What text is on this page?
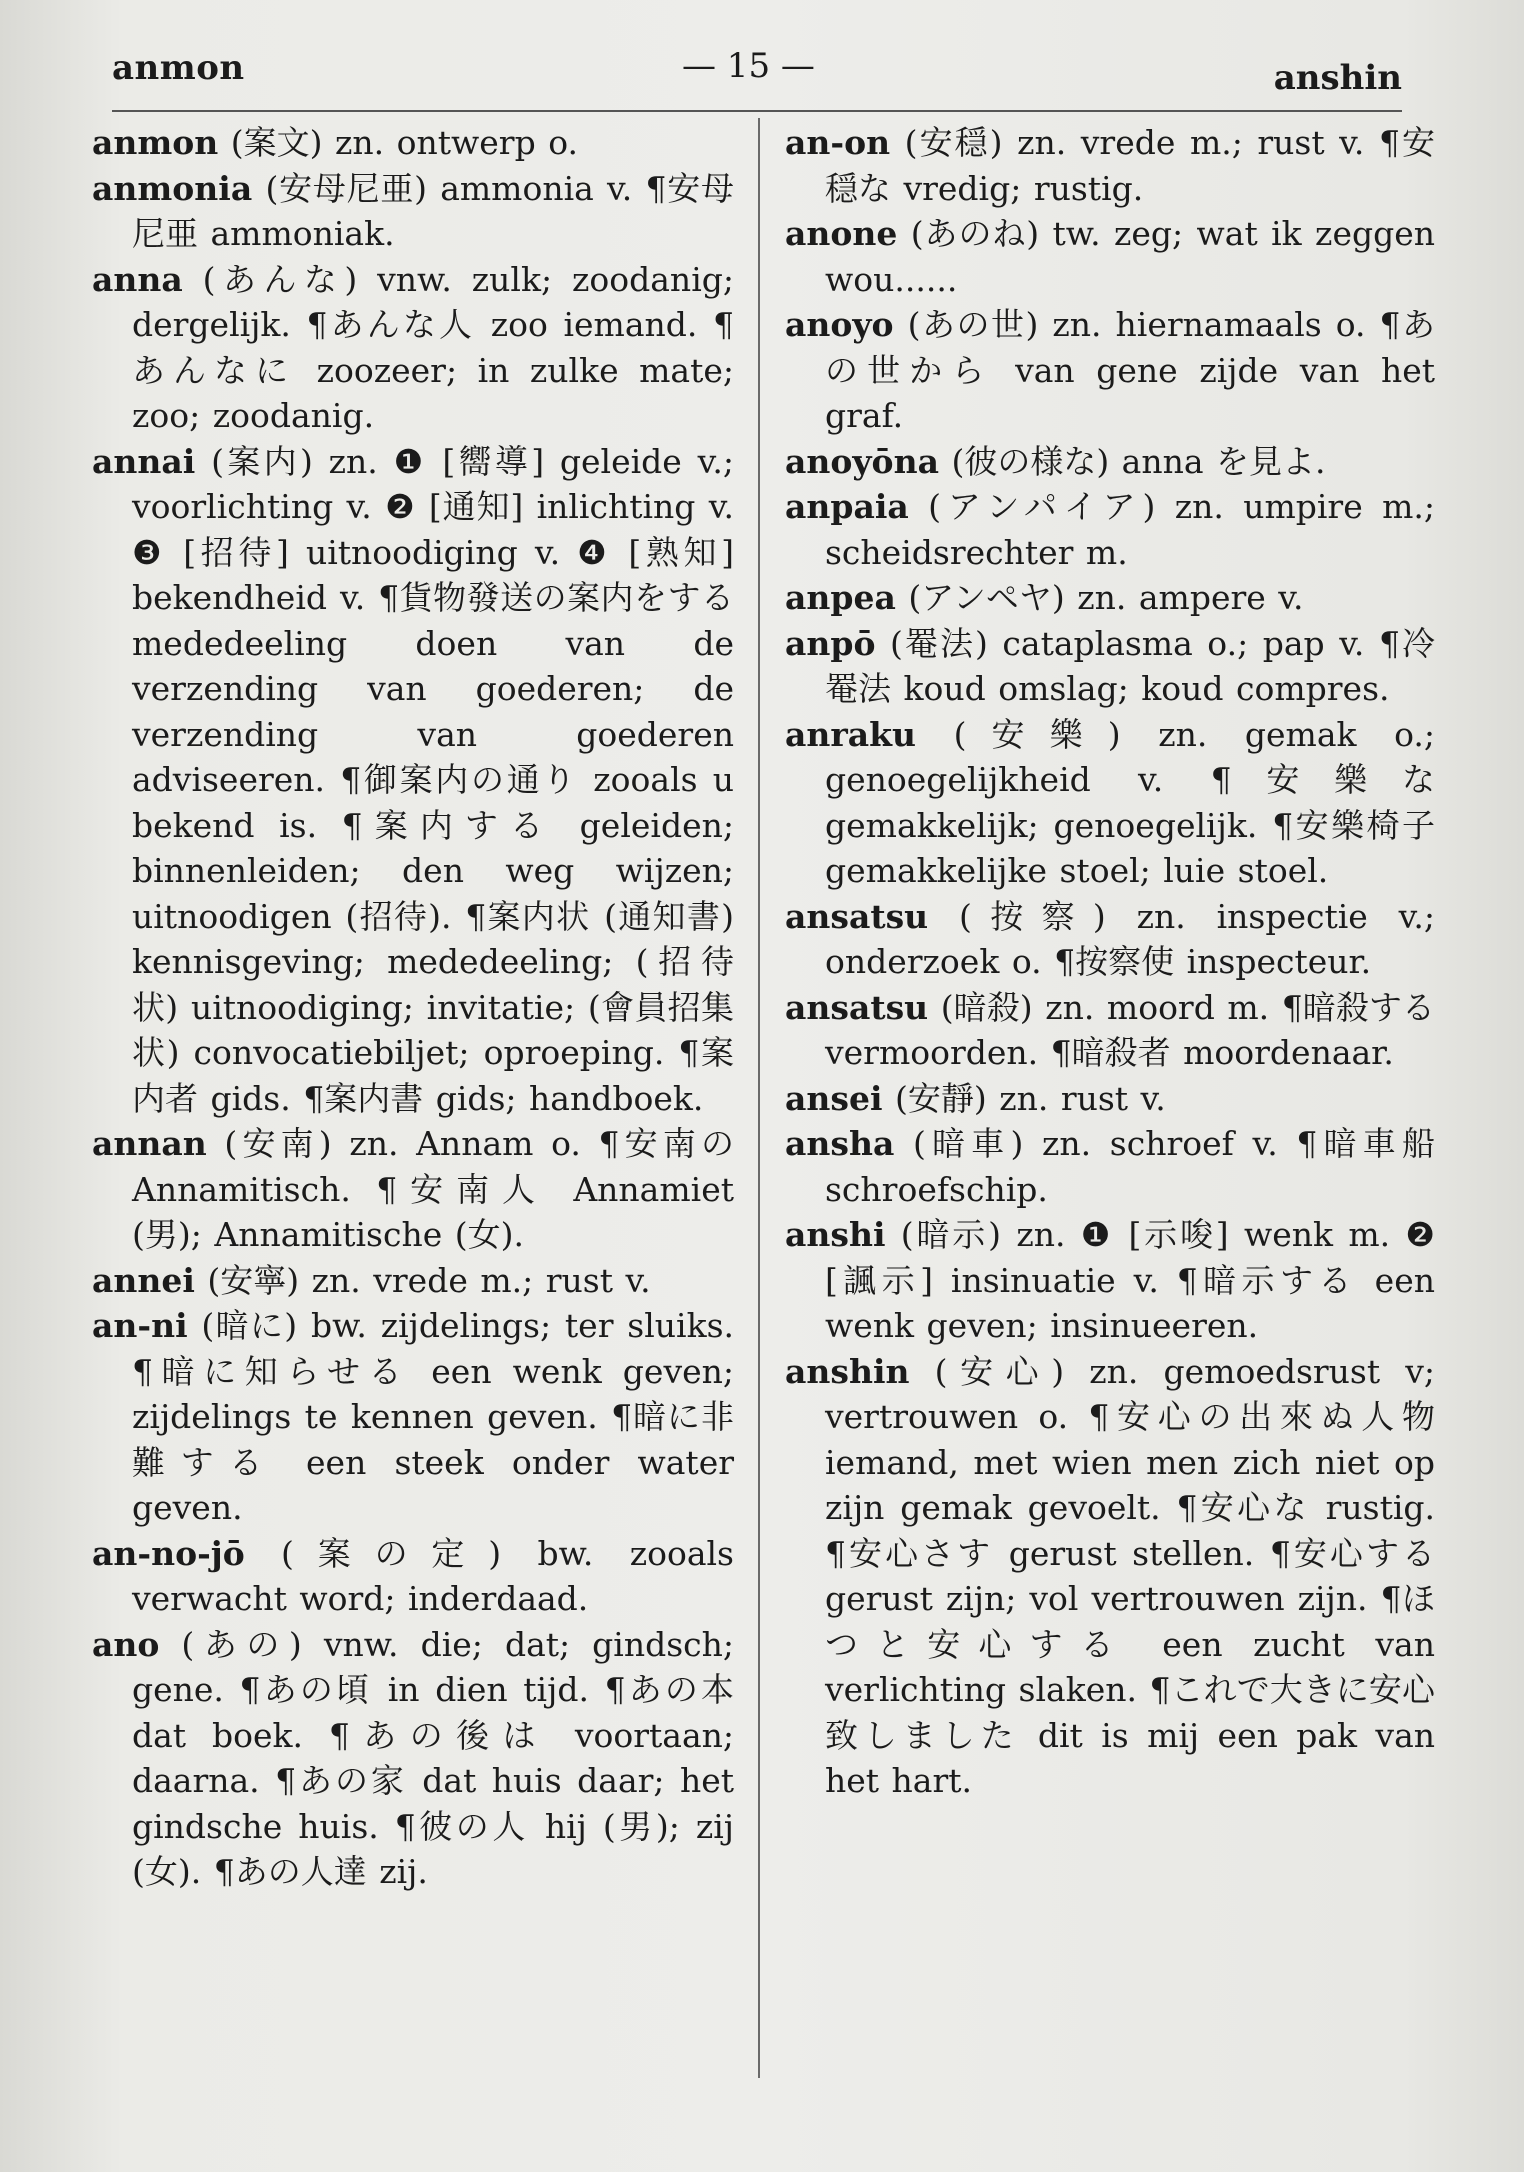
anmon	— 15 —	anshin

anmon (案文) zn. ontwerp o.

anmonia (安母尼亜) ammonia v. ¶安母尼亜 ammoniak.

anna (あんな) vnw. zulk; zoodanig; dergelijk. ¶あんな人 zoo iemand. ¶あんなに zoozeer; in zulke mate; zoo; zoodanig.

annai (案内) zn. ❶ [嚮導] geleide v.; voorlichting v. ❷ [通知] inlichting v. ❸ [招待] uitnoodiging v. ❹ [熟知] bekendheid v. ¶貨物發送の案内をする mededeeling doen van de verzending van goederen; de verzending van goederen adviseeren. ¶御案内の通り zooals u bekend is. ¶案内する geleiden; binnenleiden; den weg wijzen; uitnoodigen (招待). ¶案内状 (通知書) kennisgeving; mededeeling; (招待状) uitnoodiging; invitatie; (會員招集状) convocatiebiljet; oproeping. ¶案内者 gids. ¶案内書 gids; handboek.

annan (安南) zn. Annam o. ¶安南の Annamitisch. ¶安南人 Annamiet (男); Annamitische (女).

annei (安寧) zn. vrede m.; rust v.

an-ni (暗に) bw. zijdelings; ter sluiks. ¶暗に知らせる een wenk geven; zijdelings te kennen geven. ¶暗に非難する een steek onder water geven.

an-no-jō (案の定) bw. zooals verwacht word; inderdaad.

ano (あの) vnw. die; dat; gindsch; gene. ¶あの頃 in dien tijd. ¶あの本 dat boek. ¶あの後は voortaan; daarna. ¶あの家 dat huis daar; het gindsche huis. ¶彼の人 hij (男); zij (女). ¶あの人達 zij.

an-on (安穏) zn. vrede m.; rust v. ¶安穏な vredig; rustig.

anone (あのね) tw. zeg; wat ik zeggen wou......

anoyo (あの世) zn. hiernamaals o. ¶あの世から van gene zijde van het graf.

anoyōna (彼の様な) anna を見よ.

anpaia (アンパイア) zn. umpire m.; scheidsrechter m.

anpea (アンペヤ) zn. ampere v.

anpō (罨法) cataplasma o.; pap v. ¶冷罨法 koud omslag; koud compres.

anraku (安樂) zn. gemak o.; genoegelijkheid v. ¶安樂な gemakkelijk; genoegelijk. ¶安樂椅子 gemakkelijke stoel; luie stoel.

ansatsu (按察) zn. inspectie v.; onderzoek o. ¶按察使 inspecteur.

ansatsu (暗殺) zn. moord m. ¶暗殺する vermoorden. ¶暗殺者 moordenaar.

ansei (安靜) zn. rust v.

ansha (暗車) zn. schroef v. ¶暗車船 schroefschip.

anshi (暗示) zn. ❶ [示唆] wenk m. ❷ [諷示] insinuatie v. ¶暗示する een wenk geven; insinueeren.

anshin (安心) zn. gemoedsrust v; vertrouwen o. ¶安心の出來ぬ人物 iemand, met wien men zich niet op zijn gemak gevoelt. ¶安心な rustig. ¶安心さす gerust stellen. ¶安心する gerust zijn; vol vertrouwen zijn. ¶ほつと安心する een zucht van verlichting slaken. ¶これで大きに安心致しました dit is mij een pak van het hart.
